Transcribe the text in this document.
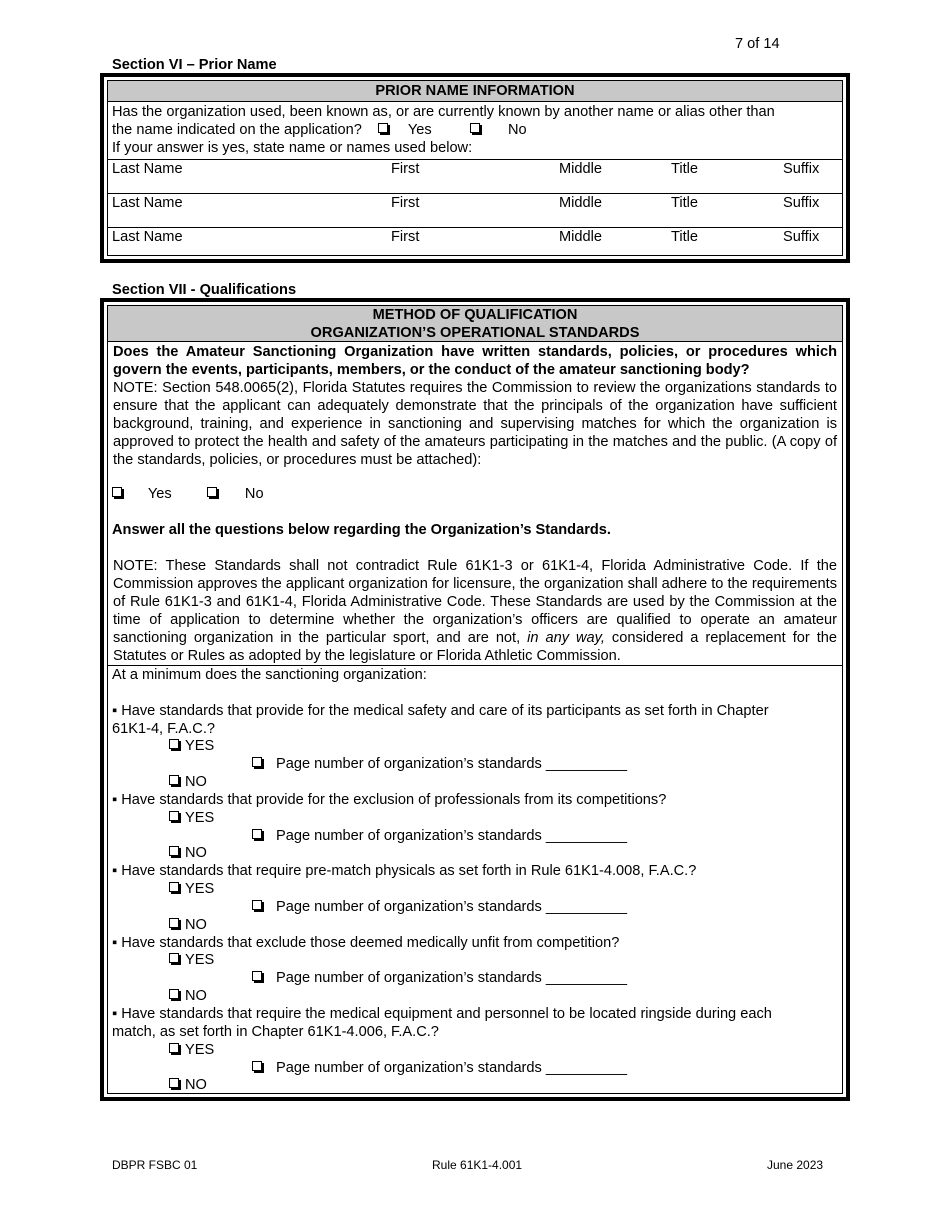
7 of 14
Section VI – Prior Name
PRIOR NAME INFORMATION
Has the organization used, been known as, or are currently known by another name or alias other than
the name indicated on the application?	Yes	No
If your answer is yes, state name or names used below:
Last Name	First	Middle	Title	Suffix
Last Name	First	Middle	Title	Suffix
Last Name	First	Middle	Title	Suffix
Section VII - Qualifications
METHOD OF QUALIFICATION
ORGANIZATION’S OPERATIONAL STANDARDS
Does the Amateur Sanctioning Organization have written standards, policies, or procedures which govern the events, participants, members, or the conduct of the amateur sanctioning body?
NOTE: Section 548.0065(2), Florida Statutes requires the Commission to review the organizations standards to ensure that the applicant can adequately demonstrate that the principals of the organization have sufficient background, training, and experience in sanctioning and supervising matches for which the organization is approved to protect the health and safety of the amateurs participating in the matches and the public. (A copy of the standards, policies, or procedures must be attached):
Yes	No
Answer all the questions below regarding the Organization’s Standards.
NOTE: These Standards shall not contradict Rule 61K1-3 or 61K1-4, Florida Administrative Code. If the Commission approves the applicant organization for licensure, the organization shall adhere to the requirements of Rule 61K1-3 and 61K1-4, Florida Administrative Code. These Standards are used by the Commission at the time of application to determine whether the organization’s officers are qualified to operate an amateur sanctioning organization in the particular sport, and are not, in any way, considered a replacement for the Statutes or Rules as adopted by the legislature or Florida Athletic Commission.
At a minimum does the sanctioning organization:
▪ Have standards that provide for the medical safety and care of its participants as set forth in Chapter
61K1-4, F.A.C.?
YES
Page number of organization’s standards __________
NO
▪ Have standards that provide for the exclusion of professionals from its competitions?
YES
Page number of organization’s standards __________
NO
▪ Have standards that require pre-match physicals as set forth in Rule 61K1-4.008, F.A.C.?
YES
Page number of organization’s standards __________
NO
▪ Have standards that exclude those deemed medically unfit from competition?
YES
Page number of organization’s standards __________
NO
▪ Have standards that require the medical equipment and personnel to be located ringside during each
match, as set forth in Chapter 61K1-4.006, F.A.C.?
YES
Page number of organization’s standards __________
NO
DBPR FSBC 01	Rule 61K1-4.001	June 2023
